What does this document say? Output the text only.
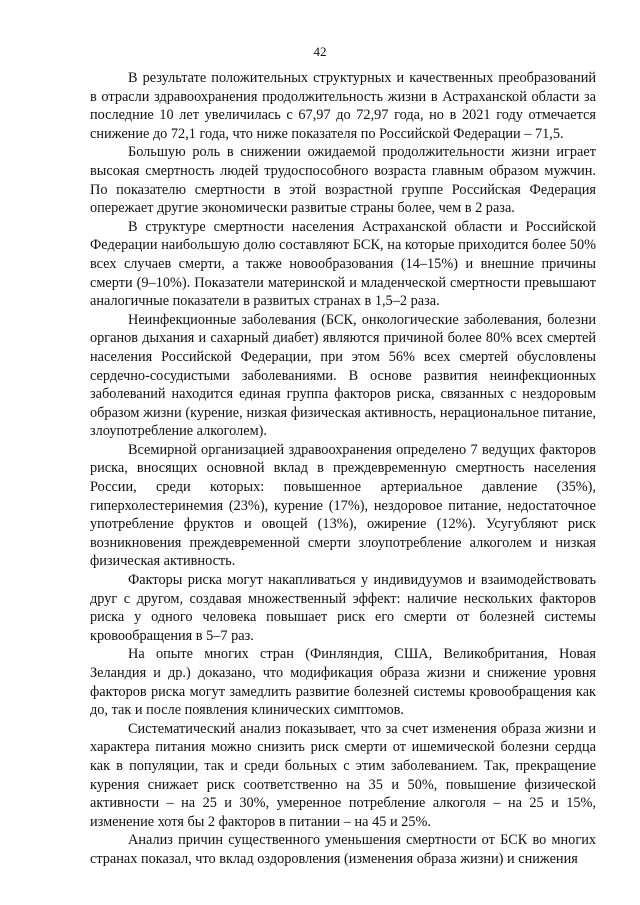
42

В результате положительных структурных и качественных преобразований в отрасли здравоохранения продолжительность жизни в Астраханской области за последние 10 лет увеличилась с 67,97 до 72,97 года, но в 2021 году отмечается снижение до 72,1 года, что ниже показателя по Российской Федерации – 71,5.

Большую роль в снижении ожидаемой продолжительности жизни играет высокая смертность людей трудоспособного возраста главным образом мужчин. По показателю смертности в этой возрастной группе Российская Федерация опережает другие экономически развитые страны более, чем в 2 раза.

В структуре смертности населения Астраханской области и Российской Федерации наибольшую долю составляют БСК, на которые приходится более 50% всех случаев смерти, а также новообразования (14–15%) и внешние причины смерти (9–10%). Показатели материнской и младенческой смертности превышают аналогичные показатели в развитых странах в 1,5–2 раза.

Неинфекционные заболевания (БСК, онкологические заболевания, болезни органов дыхания и сахарный диабет) являются причиной более 80% всех смертей населения Российской Федерации, при этом 56% всех смертей обусловлены сердечно-сосудистыми заболеваниями. В основе развития неинфекционных заболеваний находится единая группа факторов риска, связанных с нездоровым образом жизни (курение, низкая физическая активность, нерациональное питание, злоупотребление алкоголем).

Всемирной организацией здравоохранения определено 7 ведущих факторов риска, вносящих основной вклад в преждевременную смертность населения России, среди которых: повышенное артериальное давление (35%), гиперхолестеринемия (23%), курение (17%), нездоровое питание, недостаточное употребление фруктов и овощей (13%), ожирение (12%). Усугубляют риск возникновения преждевременной смерти злоупотребление алкоголем и низкая физическая активность.

Факторы риска могут накапливаться у индивидуумов и взаимодействовать друг с другом, создавая множественный эффект: наличие нескольких факторов риска у одного человека повышает риск его смерти от болезней системы кровообращения в 5–7 раз.

На опыте многих стран (Финляндия, США, Великобритания, Новая Зеландия и др.) доказано, что модификация образа жизни и снижение уровня факторов риска могут замедлить развитие болезней системы кровообращения как до, так и после появления клинических симптомов.

Систематический анализ показывает, что за счет изменения образа жизни и характера питания можно снизить риск смерти от ишемической болезни сердца как в популяции, так и среди больных с этим заболеванием. Так, прекращение курения снижает риск соответственно на 35 и 50%, повышение физической активности – на 25 и 30%, умеренное потребление алкоголя – на 25 и 15%, изменение хотя бы 2 факторов в питании – на 45 и 25%.

Анализ причин существенного уменьшения смертности от БСК во многих странах показал, что вклад оздоровления (изменения образа жизни) и снижения
